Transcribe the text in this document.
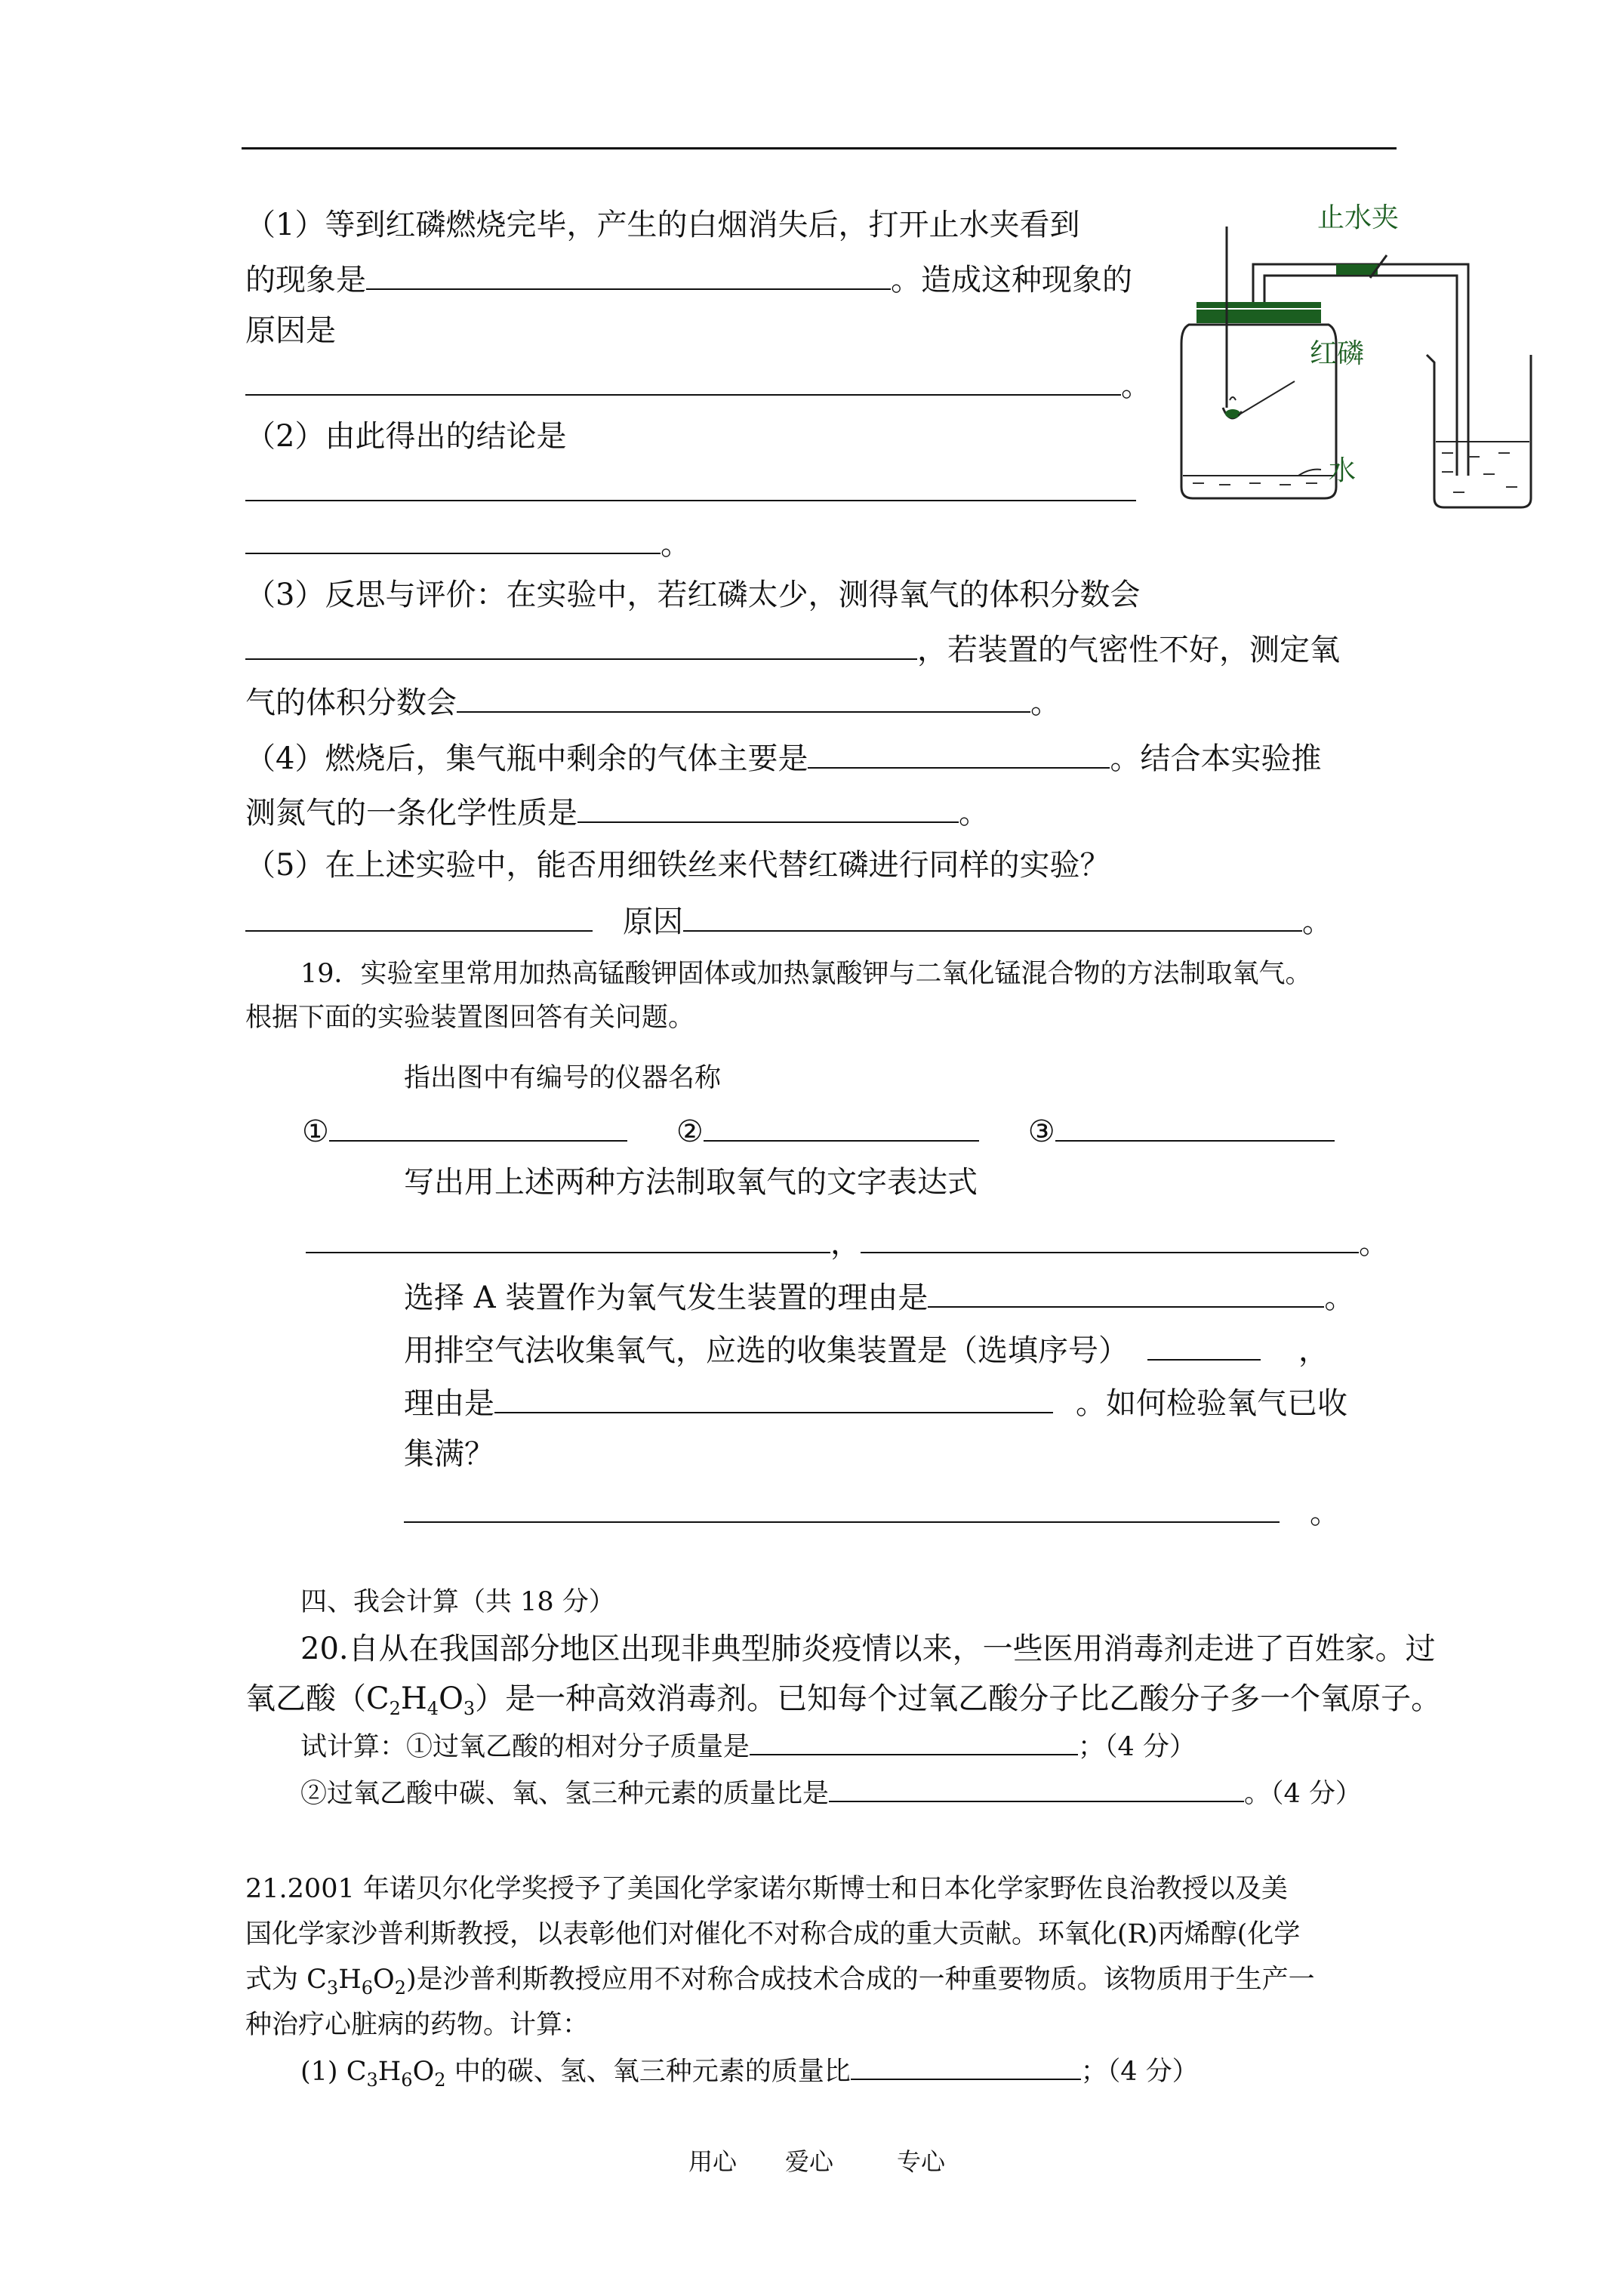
（1）等到红磷燃烧完毕，产生的白烟消失后，打开止水夹看到
的现象是	。造成这种现象的
原因是
。
（2）由此得出的结论是
。
（3）反思与评价：在实验中，若红磷太少，测得氧气的体积分数会
，若装置的气密性不好，测定氧
气的体积分数会	。
（4）燃烧后，集气瓶中剩余的气体主要是	。结合本实验推
测氮气的一条化学性质是	。
（5）在上述实验中，能否用细铁丝来代替红磷进行同样的实验？
原因	。
止水夹
红磷
水
19．实验室里常用加热高锰酸钾固体或加热氯酸钾与二氧化锰混合物的方法制取氧气。
根据下面的实验装置图回答有关问题。
指出图中有编号的仪器名称
①	②	③
写出用上述两种方法制取氧气的文字表达式
，	。
选择 A 装置作为氧气发生装置的理由是	。
用排空气法收集氧气，应选的收集装置是（选填序号）	，
理由是	。如何检验氧气已收
集满？
。
四、我会计算（共 18 分）
20.自从在我国部分地区出现非典型肺炎疫情以来，一些医用消毒剂走进了百姓家。过
氧乙酸$(C_2H_4O_3)$是一种高效消毒剂。已知每个过氧乙酸分子比乙酸分子多一个氧原子。
试计算：①过氧乙酸的相对分子质量是	；（4 分）
②过氧乙酸中碳、氧、氢三种元素的质量比是	。（4 分）
21.2001 年诺贝尔化学奖授予了美国化学家诺尔斯博士和日本化学家野佐良治教授以及美
国化学家沙普利斯教授，以表彰他们对催化不对称合成的重大贡献。环氧化(R)丙烯醇(化学
式为 $C_3H_6O_2$)是沙普利斯教授应用不对称合成技术合成的一种重要物质。该物质用于生产一
种治疗心脏病的药物。计算：
(1) $C_3H_6O_2$ 中的碳、氢、氧三种元素的质量比	；（4 分）
用心 爱心	专心
